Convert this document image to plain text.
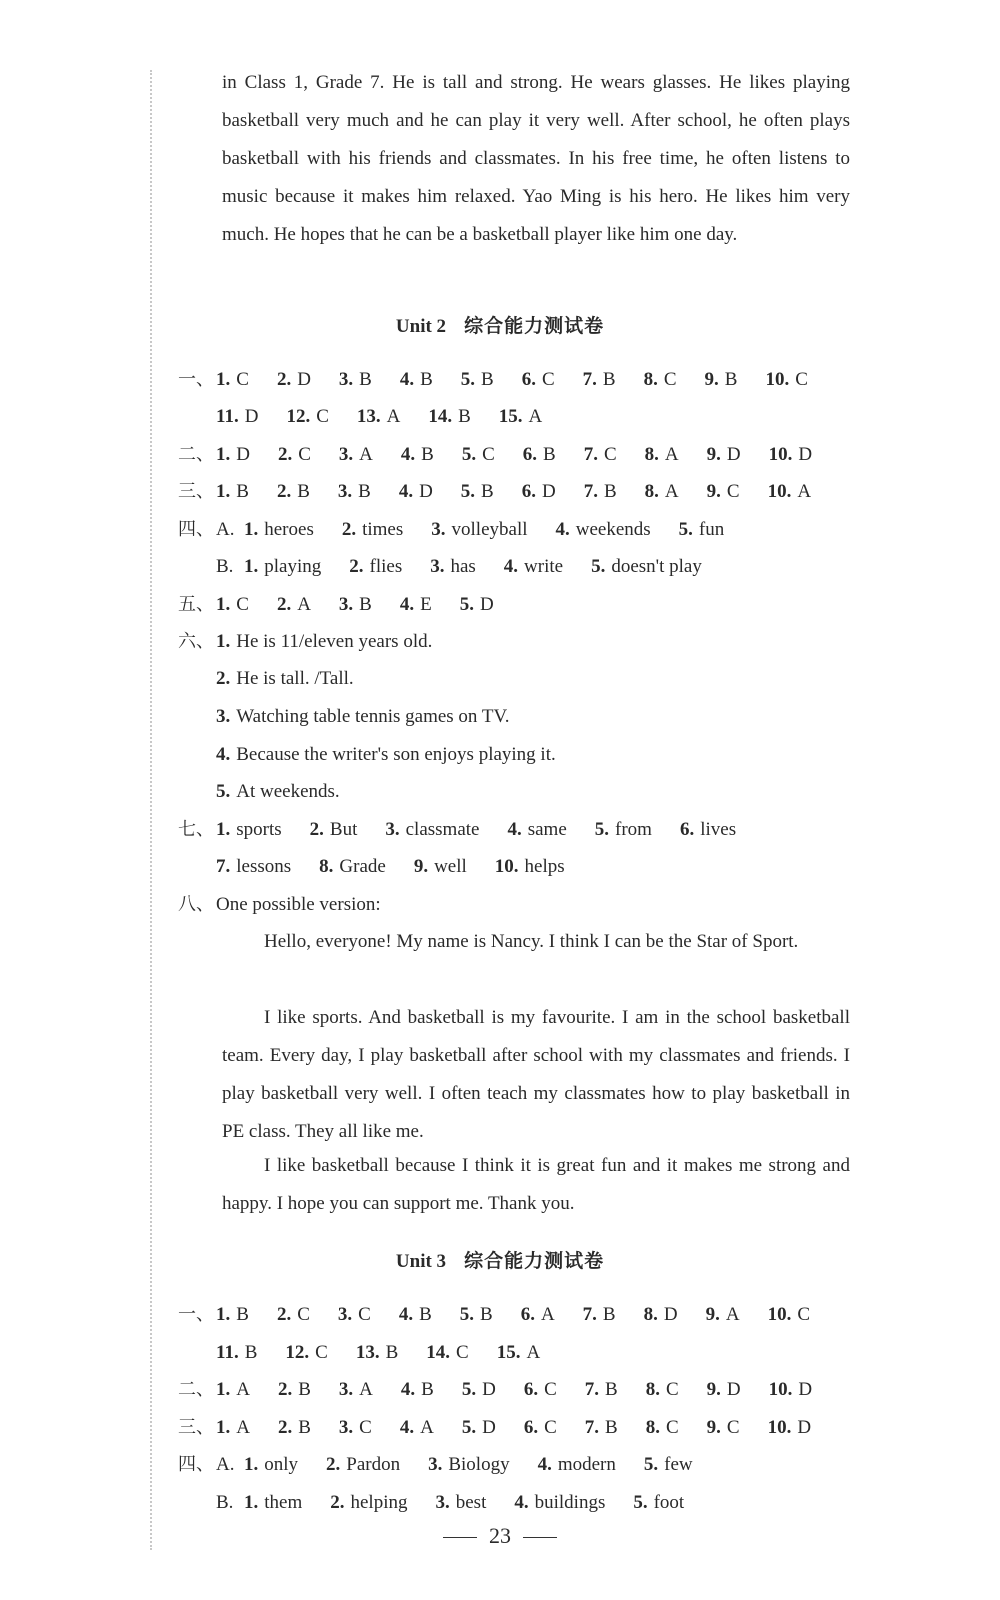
in Class 1, Grade 7. He is tall and strong. He wears glasses. He likes playing basketball very much and he can play it very well. After school, he often plays basketball with his friends and classmates. In his free time, he often listens to music because it makes him relaxed. Yao Ming is his hero. He likes him very much. He hopes that he can be a basketball player like him one day.
Unit 2 综合能力测试卷
一、 1. C 2. D 3. B 4. B 5. B 6. C 7. B 8. C 9. B 10. C
11. D 12. C 13. A 14. B 15. A
二、 1. D 2. C 3. A 4. B 5. C 6. B 7. C 8. A 9. D 10. D
三、 1. B 2. B 3. B 4. D 5. B 6. D 7. B 8. A 9. C 10. A
四、 A. 1. heroes 2. times 3. volleyball 4. weekends 5. fun
B. 1. playing 2. flies 3. has 4. write 5. doesn't play
五、 1. C 2. A 3. B 4. E 5. D
六、 1. He is 11/eleven years old.
2. He is tall. /Tall.
3. Watching table tennis games on TV.
4. Because the writer's son enjoys playing it.
5. At weekends.
七、 1. sports 2. But 3. classmate 4. same 5. from 6. lives
7. lessons 8. Grade 9. well 10. helps
八、 One possible version:
Hello, everyone! My name is Nancy. I think I can be the Star of Sport.
I like sports. And basketball is my favourite. I am in the school basketball team. Every day, I play basketball after school with my classmates and friends. I play basketball very well. I often teach my classmates how to play basketball in PE class. They all like me.
I like basketball because I think it is great fun and it makes me strong and happy. I hope you can support me. Thank you.
Unit 3 综合能力测试卷
一、 1. B 2. C 3. C 4. B 5. B 6. A 7. B 8. D 9. A 10. C
11. B 12. C 13. B 14. C 15. A
二、 1. A 2. B 3. A 4. B 5. D 6. C 7. B 8. C 9. D 10. D
三、 1. A 2. B 3. C 4. A 5. D 6. C 7. B 8. C 9. C 10. D
四、 A. 1. only 2. Pardon 3. Biology 4. modern 5. few
B. 1. them 2. helping 3. best 4. buildings 5. foot
23
